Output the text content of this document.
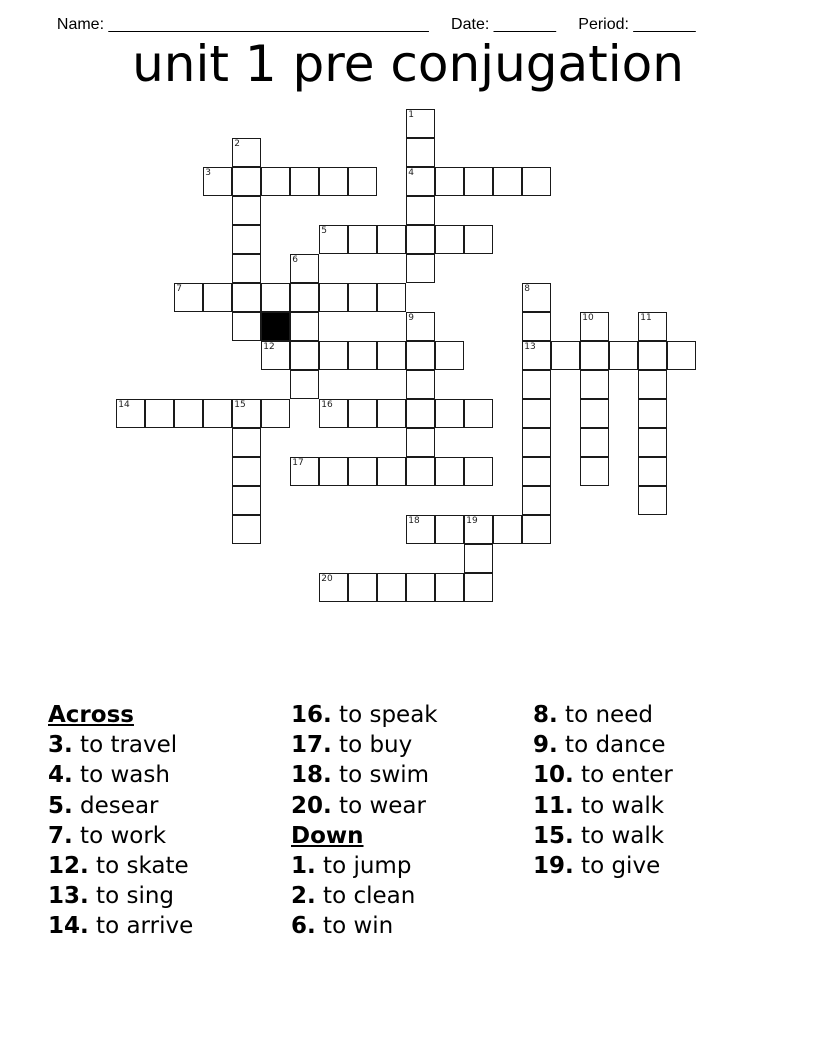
Name: ____________________________________ Date: _______ Period: _______

unit 1 pre conjugation
1
4
2
3
5
6
7	8
13
9	10	11
12
14	15	16
17
18	19
20
Across
3. to travel
4. to wash
5. desear
7. to work
12. to skate
13. to sing
14. to arrive
16. to speak
17. to buy
18. to swim
20. to wear
Down
1. to jump
2. to clean
6. to win
8. to need
9. to dance
10. to enter
11. to walk
15. to walk
19. to give
